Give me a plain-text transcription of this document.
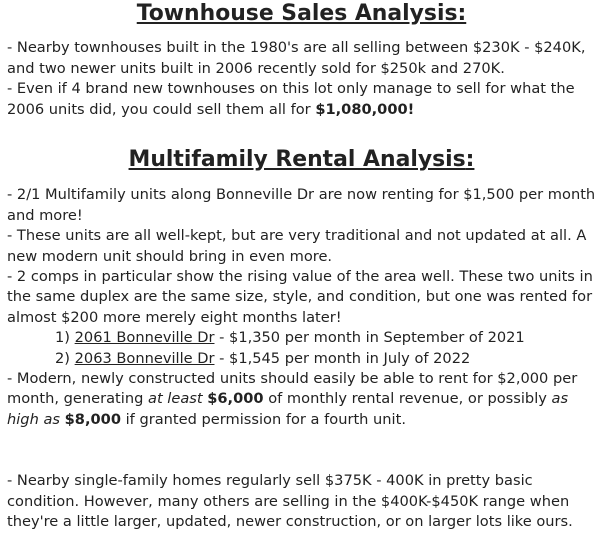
Townhouse Sales Analysis:

- Nearby townhouses built in the 1980's are all selling between $230K - $240K, and two newer units built in 2006 recently sold for $250k and 270K.

- Even if 4 brand new townhouses on this lot only manage to sell for what the 2006 units did, you could sell them all for $1,080,000!

Multifamily Rental Analysis:

- 2/1 Multifamily units along Bonneville Dr are now renting for $1,500 per month and more!

- These units are all well-kept, but are very traditional and not updated at all. A new modern unit should bring in even more.

- 2 comps in particular show the rising value of the area well. These two units in the same duplex are the same size, style, and condition, but one was rented for almost $200 more merely eight months later!

1) 2061 Bonneville Dr - $1,350 per month in September of 2021
2) 2063 Bonneville Dr - $1,545 per month in July of 2022

- Modern, newly constructed units should easily be able to rent for $2,000 per month, generating at least $6,000 of monthly rental revenue, or possibly as high as $8,000 if granted permission for a fourth unit.

- Nearby single-family homes regularly sell $375K - 400K in pretty basic condition. However, many others are selling in the $400K-$450K range when they're a little larger, updated, newer construction, or on larger lots like ours.
